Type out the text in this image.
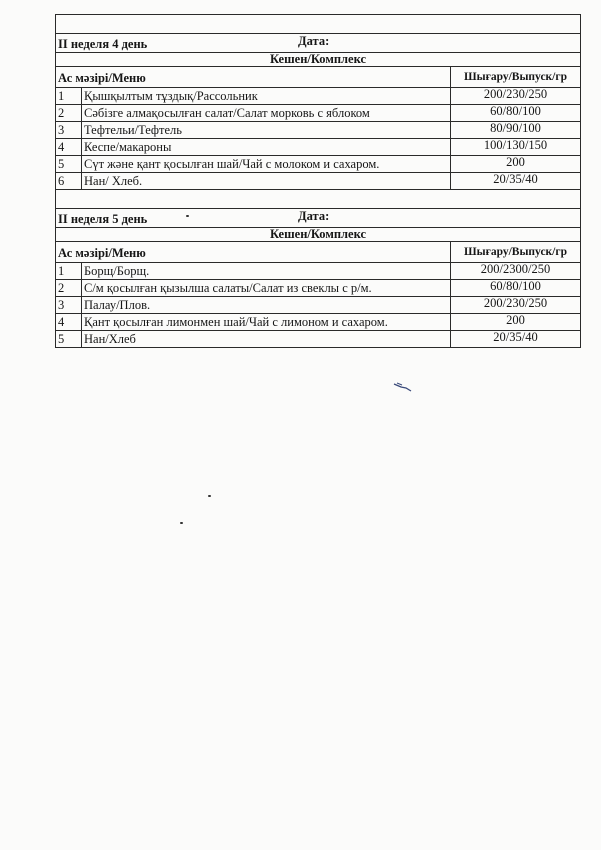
II неделя 4 день	Дата:
Кешен/Комплекс
Ас мәзірі/Меню	Шығару/Выпуск/гр
1	Қышқылтым тұздық/Рассольник	200/230/250
2	Сәбізге алмақосылған салат/Салат морковь с яблоком	60/80/100
3	Тефтельи/Тефтель	80/90/100
4	Кеспе/макароны	100/130/150
5	Сүт және қант қосылған шай/Чай с молоком и сахаром.	200
6	Нан/ Хлеб.	20/35/40
II неделя 5 день	Дата:
Кешен/Комплекс
Ас мәзірі/Меню	Шығару/Выпуск/гр
1	Борщ/Борщ.	200/2300/250
2	С/м қосылған қызылша салаты/Салат из свеклы с р/м.	60/80/100
3	Палау/Плов.	200/230/250
4	Қант қосылған лимонмен шай/Чай с лимоном и сахаром.	200
5	Нан/Хлеб	20/35/40
